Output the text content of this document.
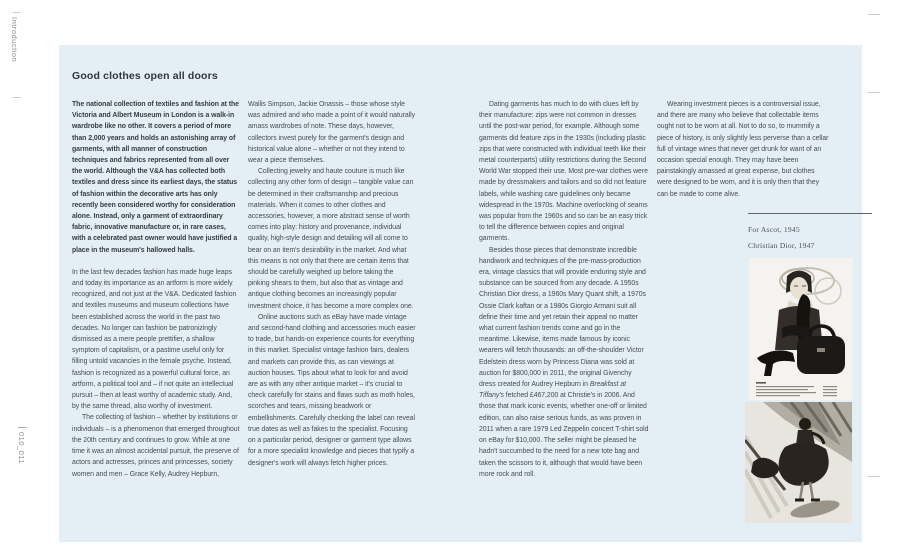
Introduction
010_011
Good clothes open all doors

The national collection of textiles and fashion at the Victoria and Albert Museum in London is a walk-in wardrobe like no other. It covers a period of more than 2,000 years and holds an astonishing array of garments, with all manner of construction techniques and fabrics represented from all over the world. Although the V&A has collected both textiles and dress since its earliest days, the status of fashion within the decorative arts has only recently been considered worthy for consideration alone. Instead, only a garment of extraordinary fabric, innovative manufacture or, in rare cases, with a celebrated past owner would have justified a place in the museum's hallowed halls.

In the last few decades fashion has made huge leaps and today its importance as an artform is more widely recognized, and not just at the V&A. Dedicated fashion and textiles museums and museum collections have been established across the world in the past two decades. No longer can fashion be patronizingly dismissed as a mere people prettifier, a shallow symptom of capitalism, or a pastime useful only for filling untold vacancies in the female psyche. Instead, fashion is recognized as a powerful cultural force, an artform, a political tool and – if not quite an intellectual pursuit – then at least worthy of academic study. And, by the same thread, also worthy of investment.

The collecting of fashion – whether by institutions or individuals – is a phenomenon that emerged throughout the 20th century and continues to grow. While at one time it was an almost accidental pursuit, the preserve of actors and actresses, princes and princesses, society women and men – Grace Kelly, Audrey Hepburn,

Wallis Simpson, Jackie Onassis – those whose style was admired and who made a point of it would naturally amass wardrobes of note. These days, however, collectors invest purely for the garment's design and historical value alone – whether or not they intend to wear a piece themselves.

Collecting jewelry and haute couture is much like collecting any other form of design – tangible value can be determined in their craftsmanship and precious materials. When it comes to other clothes and accessories, however, a more abstract sense of worth comes into play: history and provenance, individual quality, high-style design and detailing will all come to bear on an item's desirability in the market. And what this means is not only that there are certain items that should be carefully weighed up before taking the pinking shears to them, but also that as vintage and antique clothing becomes an increasingly popular investment choice, it has become a more complex one.

Online auctions such as eBay have made vintage and second-hand clothing and accessories much easier to trade, but hands-on experience counts for everything in this market. Specialist vintage fashion fairs, dealers and markets can provide this, as can viewings at auction houses. Tips about what to look for and avoid are as with any other antique market – it's crucial to check carefully for stains and flaws such as moth holes, scorches and tears, missing beadwork or embellishments. Carefully checking the label can reveal true dates as well as fakes to the specialist. Focusing on a particular period, designer or garment type allows for a more specialist knowledge and pieces that typify a designer's work will always fetch higher prices.

Dating garments has much to do with clues left by their manufacture: zips were not common in dresses until the post-war period, for example. Although some garments did feature zips in the 1930s (including plastic zips that were constructed with individual teeth like their metal counterparts) utility restrictions during the Second World War stopped their use. Most pre-war clothes were made by dressmakers and tailors and so did not feature labels, while washing care guidelines only became widespread in the 1970s. Machine overlocking of seams was popular from the 1960s and so can be an easy trick to tell the difference between copies and original garments.

Besides those pieces that demonstrate incredible handiwork and techniques of the pre-mass-production era, vintage classics that will provide enduring style and substance can be sourced from any decade. A 1950s Christian Dior dress, a 1960s Mary Quant shift, a 1970s Ossie Clark kaftan or a 1980s Giorgio Armani suit all define their time and yet retain their appeal no matter what current fashion trends come and go in the meantime. Likewise, items made famous by iconic wearers will fetch thousands: an off-the-shoulder Victor Edelstein dress worn by Princess Diana was sold at auction for $800,000 in 2011, the original Givenchy dress created for Audrey Hepburn in Breakfast at Tiffany's fetched £467,200 at Christie's in 2006. And those that mark iconic events, whether one-off or limited edition, can also raise serious funds, as was proven in 2011 when a rare 1979 Led Zeppelin concert T-shirt sold on eBay for $10,000. The seller might be pleased he hadn't succumbed to the need for a new tote bag and taken the scissors to it, although that would have been more rock and roll.

Wearing investment pieces is a controversial issue, and there are many who believe that collectable items ought not to be worn at all. Not to do so, to mummify a piece of history, is only slightly less perverse than a cellar full of vintage wines that never get drunk for want of an occasion special enough. They may have been painstakingly amassed at great expense, but clothes were designed to be worn, and it is only then that they can be made to come alive.

For Ascot, 1945
Christian Dior, 1947
